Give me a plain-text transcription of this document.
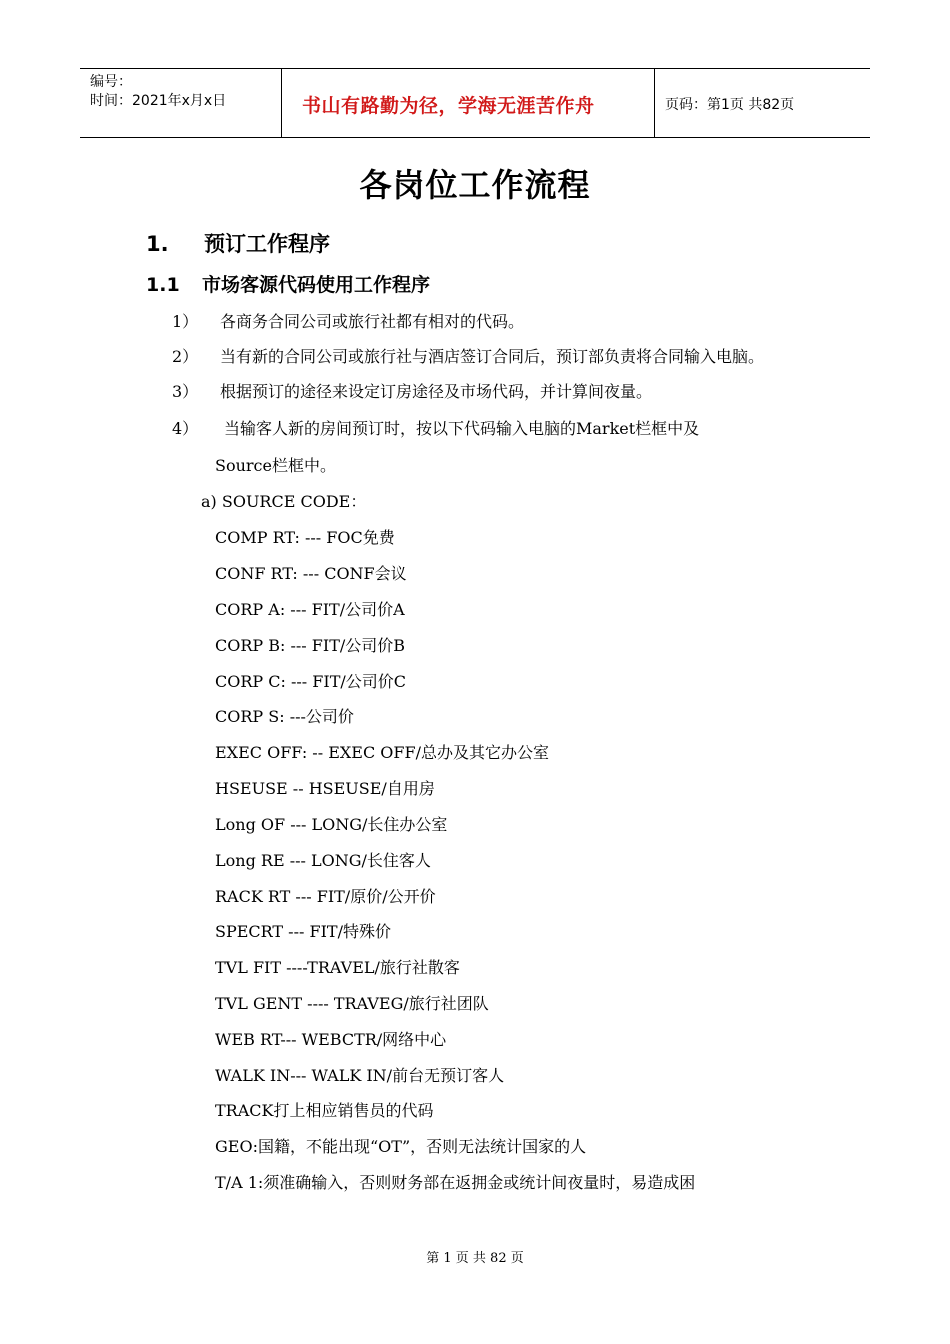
编号：
时间：2021年x月x日	书山有路勤为径，学海无涯苦作舟	页码：第1页 共82页
各岗位工作流程
1. 预订工作程序
1.1 市场客源代码使用工作程序
1） 各商务合同公司或旅行社都有相对的代码。
2） 当有新的合同公司或旅行社与酒店签订合同后，预订部负责将合同输入电脑。
3） 根据预订的途径来设定订房途径及市场代码，并计算间夜量。
4） 当输客人新的房间预订时，按以下代码输入电脑的Market栏框中及
Source栏框中。
a) SOURCE CODE：
COMP RT: --- FOC免费
CONF RT: --- CONF会议
CORP A: --- FIT/公司价A
CORP B: --- FIT/公司价B
CORP C: --- FIT/公司价C
CORP S: ---公司价
EXEC OFF: -- EXEC OFF/总办及其它办公室
HSEUSE -- HSEUSE/自用房
Long OF --- LONG/长住办公室
Long RE --- LONG/长住客人
RACK RT --- FIT/原价/公开价
SPECRT --- FIT/特殊价
TVL FIT ----TRAVEL/旅行社散客
TVL GENT ---- TRAVEG/旅行社团队
WEB RT--- WEBCTR/网络中心
WALK IN--- WALK IN/前台无预订客人
TRACK打上相应销售员的代码
GEO:国籍，不能出现“OT”，否则无法统计国家的人
T/A 1:须准确输入，否则财务部在返拥金或统计间夜量时，易造成困
第 1 页 共 82 页
